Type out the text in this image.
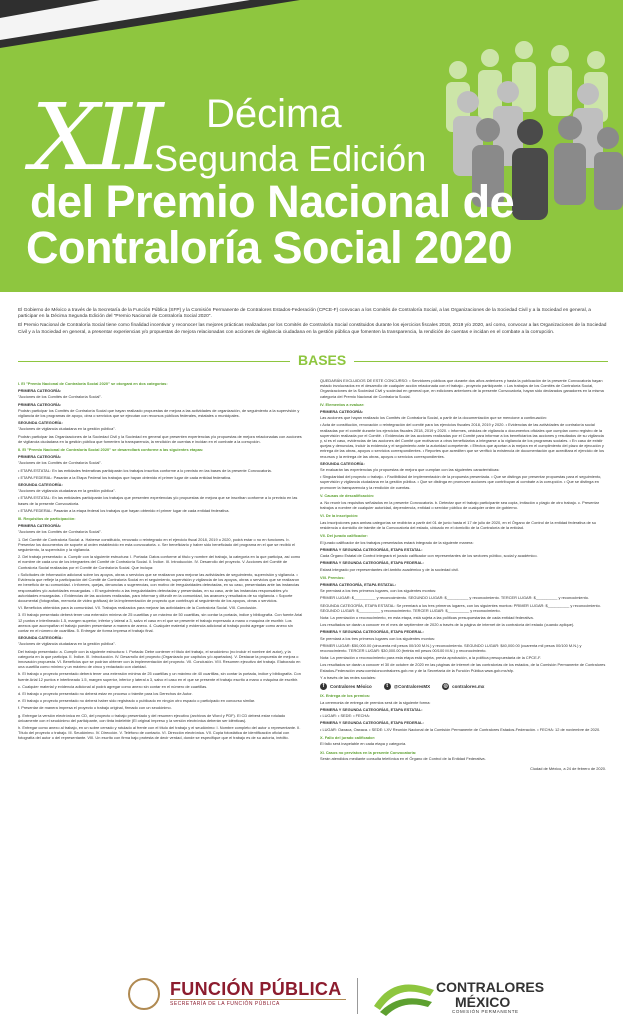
XII Décima
Segunda Edición
del Premio Nacional de
Contraloría Social 2020

El Gobierno de México a través de la Secretaría de la Función Pública (SFP) y la Comisión Permanente de Contralores Estados-Federación (CPCE-F) convocan a los Comités de Contraloría Social, a las Organizaciones de la Sociedad Civil y a la Sociedad en general, a participar en la Décima Segunda Edición del "Premio Nacional de Contraloría Social 2020".

El Premio Nacional de Contraloría Social tiene como finalidad incentivar y reconocer las mejores prácticas realizadas por los Comités de Contraloría Social constituidos durante los ejercicios fiscales 2018, 2019 y/o 2020, así como, convocar a las Organizaciones de la Sociedad Civil y a la Sociedad en general, a presentar experiencias y/o propuestas de mejora relacionadas con acciones de vigilancia ciudadana en la gestión pública que fomenten la transparencia, la rendición de cuentas e incidan en el combate a la corrupción.

BASES
I. El "Premio Nacional de Contraloría Social 2020" se otorgará en dos categorías:
PRIMERA CATEGORÍA:
"Acciones de los Comités de Contraloría Social".
PRIMERA CATEGORÍA:
Podrán participar los Comités de Contraloría Social que hayan realizado propuestas de mejora a las actividades de organización, de seguimiento a la supervisión y vigilancia de los programas de apoyo, obra o servicios que se ejecutan con recursos públicos federales, estatales o municipales.
SEGUNDA CATEGORÍA:
"Acciones de vigilancia ciudadana en la gestión pública".
Podrán participar las Organizaciones de la Sociedad Civil y la Sociedad en general que presenten experiencias y/o propuestas de mejora relacionadas con acciones de vigilancia ciudadana en la gestión pública que fomenten la transparencia, la rendición de cuentas e incidan en el combate a la corrupción.
II. El "Premio Nacional de Contraloría Social 2020" se desarrollará conforme a las siguientes etapas:
PRIMERA CATEGORÍA:
"Acciones de los Comités de Contraloría Social".
• ETAPA ESTATAL: En las entidades federativas participarán los trabajos inscritos conforme a lo previsto en las bases de la presente Convocatoria.
• ETAPA FEDERAL: Pasarán a la Etapa Federal los trabajos que hayan obtenido el primer lugar de cada entidad federativa.
SEGUNDA CATEGORÍA:
"Acciones de vigilancia ciudadana en la gestión pública".
• ETAPA ESTATAL: En las entidades participarán los trabajos que presenten experiencias y/o propuestas de mejora que se inscriban conforme a lo previsto en las bases de la presente Convocatoria.
• ETAPA FEDERAL: Pasarán a la etapa federal los trabajos que hayan obtenido el primer lugar de cada entidad federativa.
III. Requisitos de participación:
PRIMERA CATEGORÍA:
"Acciones de los Comités de Contraloría Social".
1. Del Comité de Contraloría Social: a. Haberse constituido, renovado o reintegrado en el ejercicio fiscal 2018, 2019 o 2020, podrá estar o no en funciones. b. Presentar los documentos de soporte al orden establecido en esta convocatoria. c. Ser beneficiario y haber sido beneficiado del programa en el que se recibió el seguimiento, la supervisión y la vigilancia.
2. Del trabajo presentado: a. Cumplir con la siguiente estructura: I. Portada: Datos conforme al título y nombre del trabajo, la categoría en la que participa, así como el nombre de cada uno de los integrantes del Comité de Contraloría Social. II. Índice. III. Introducción. IV. Desarrollo del proyecto. V. Acciones del Comité de Contraloría Social realizadas por el Comité de Contraloría Social. Que incluya:
• Solicitudes de información adicional sobre los apoyos, obras o servicios que se realizaron para mejorar las actividades de seguimiento, supervisión y vigilancia. • Evidencia que refleje la participación del Comité de Contraloría Social en el seguimiento, supervisión y vigilancia de los apoyos, obras o servicios que se realizaron en beneficio de su comunidad. • Informes, quejas, denuncias o sugerencias, con motivo de irregularidades detectadas, en su caso, presentadas ante las instancias responsables y/o autoridades encargadas. • El seguimiento a las irregularidades detectadas y presentadas, en su caso, ante las instancias responsables y/o autoridades encargadas. • Evidencias de las acciones realizadas, para informar y difundir en la comunidad, los avances y resultados de su vigilancia. • Soporte documental (fotografías, memoria de video gráficas) de la implementación de proyecto que contribuyó al seguimiento de los apoyos, obras o servicios.
VI. Beneficios obtenidos para la comunidad. VII. Trabajos realizados para mejorar las actividades de la Contraloría Social. VIII. Conclusión.
3. El trabajo presentado deberá tener una extensión mínima de 25 cuartillas y un máximo de 50 cuartillas, sin contar la portada, índice y bibliografía. Con fuente Arial 12 puntos e interlineado 1.5, margen superior, inferior y lateral a 3, salvo el caso en el que se presente el trabajo expresado a mano o maquina de escribir. Los anexos que acompañan el trabajo pueden presentarse a manera de anexo. 4. Cualquier material y evidencia adicional al trabajo podrá agregar como anexo sin contar en el número de cuartillas. 5. Entregar de forma impresa el trabajo final.
SEGUNDA CATEGORÍA:
"Acciones de vigilancia ciudadana en la gestión pública".
Del trabajo presentado: a. Cumplir con la siguiente estructura: I. Portada: Debe contener el título del trabajo, el seudónimo (no incluir el nombre del autor), y la categoría en la que participa. II. Índice. III. Introducción. IV. Desarrollo del proyecto (Organizado por capítulos y/o apartados). V. Destacar la propuesta de mejora o innovación propuesta. VI. Beneficios que se podrían obtener con la implementación del proyecto. VII. Conclusión. VIII. Resumen ejecutivo del trabajo. Elaborado en una cuartilla como mínimo y un máximo de cinco y redactado con claridad.
b. El trabajo o proyecto presentado deberá tener una extensión mínima de 25 cuartillas y un máximo de 40 cuartillas, sin contar la portada, índice y bibliografía. Con fuente Arial 12 puntos e interlineado 1.5, margen superior, inferior y lateral a 3, salvo el caso en el que se presente el trabajo escrito a mano o máquina de escribir.
c. Cualquier material y evidencia adicional al podrá agregar como anexo sin contar en el número de cuartillas.
d. El trabajo o proyecto presentado no deberá estar en proceso o trámite para los Derechos de Autor.
e. El trabajo o proyecto presentado no deberá haber sido registrado o publicado en ningún otro espacio o participado en concurso similar.
f. Presentar de manera impresa el proyecto o trabajo original, firmado con un seudónimo.
g. Entregar la versión electrónica en CD, del proyecto o trabajo presentado y del resumen ejecutivo (archivos de Word y PDF). El CD deberá estar rotulado únicamente con el seudónimo del participante, con tinta indeleble (El original impreso y la versión electrónica deberán ser idénticas).
h. Entregar como anexo al trabajo, en un sobre cerrado y rotulado al frente con el título del trabajo y el seudónimo: I. Nombre completo del autor o representante. II. Título del proyecto o trabajo. III. Seudónimo. IV. Dirección. V. Teléfono de contacto. VI. Dirección electrónica. VII. Copia fotostática de identificación oficial con fotografía del autor o del representante. VIII. Un escrito con firma bajo protesta de decir verdad, donde se especifique que el trabajo es de su autoría, inédito.
QUEDARÁN EXCLUIDOS DE ESTE CONCURSO: • Servidores públicos que durante dos años anteriores y hasta la publicación de la presente Convocatoria hayan estado involucrados en el desarrollo de cualquier acción relacionada con el trabajo - proyecto participante. • Los trabajos de los Comités de Contraloría Social, Organizaciones de la Sociedad Civil y sociedad en general que, en ediciones anteriores de la presente Convocatoria, hayan sido declarados ganadores en la misma categoría del Premio Nacional de Contraloría Social.
IV. Elementos a evaluar:
PRIMERA CATEGORÍA:
Las acciones que hayan realizado los Comités de Contraloría Social, a partir de la documentación que se mencione a continuación:
• Acta de constitución, renovación o reintegración del comité para los ejercicios fiscales 2018, 2019 y 2020. • Evidencias de las actividades de contraloría social realizadas por el comité durante los ejercicios fiscales 2018, 2019 y 2020. • Informes, cédulas de vigilancia o documentos oficiales que cumplan como registro de la supervisión realizada por el Comité. • Evidencias de las acciones realizadas por el Comité para informar a los beneficiarios las acciones y resultados de su vigilancia y, si es el caso, evidencias de las acciones del Comité que motivaron a otros beneficiarios a integrarse a la vigilancia de los programas sociales. • En caso de existir quejas y denuncias, incluir la evidencia y el seguimiento ante la autoridad competente. • Efectos que aportan a la mejora en el cumplimiento del plazo de ejecución y entrega de las obras, apoyos o servicios correspondientes. • Reportes que acrediten que se verificó la existencia de documentación que acreditara el ejercicio de los recursos y la entrega de las obras, apoyos o servicios correspondientes.
SEGUNDA CATEGORÍA:
Se evaluarán las experiencias y/o propuestas de mejora que cumplan con las siguientes características:
• Singularidad del proyecto o trabajo. • Factibilidad de implementación de la propuesta presentada. • Que se distinga por presentar propuestas para el seguimiento, supervisión y vigilancia ciudadana en la gestión pública. • Que se distinga en promover acciones que contribuyan al combate a la corrupción. • Que se distinga en promover la transparencia y la rendición de cuentas.
V. Causas de descalificación:
a. No reunir los requisitos señalados en la presente Convocatoria. b. Detectar que el trabajo participante sea copia, imitación o plagio de otro trabajo. c. Presentar trabajos a nombre de cualquier autoridad, dependencia, entidad o servidor público de cualquier orden de gobierno.
VI. De la inscripción:
Las inscripciones para ambas categorías se recibirán a partir del 01 de junio hasta el 17 de julio de 2020, en el Órgano de Control de la entidad federativa de su residencia o domicilio de trámite de la Convocatoria del estado, ubicado en el domicilio de la Contraloría de la entidad.
VII. Del jurado calificador:
El jurado calificador de los trabajos presentados estará integrado de la siguiente manera:
PRIMERA Y SEGUNDA CATEGORÍAS, ETAPA ESTATAL:
Cada Órgano Estatal de Control integrará el jurado calificador con representantes de los sectores público, social y académico.
PRIMERA Y SEGUNDA CATEGORÍAS, ETAPA FEDERAL:
Estará integrado por representantes del ámbito académico y de la sociedad civil.
VIII. Premios:
PRIMERA CATEGORÍA, ETAPA ESTATAL:
Se premiará a los tres primeros lugares, con los siguientes montos:
PRIMER LUGAR: $__________ y reconocimiento. SEGUNDO LUGAR: $__________ y reconocimiento. TERCER LUGAR: $__________ y reconocimiento.
SEGUNDA CATEGORÍA, ETAPA ESTATAL: Se premiará a los tres primeros lugares, con los siguientes montos: PRIMER LUGAR: $__________ y reconocimiento. SEGUNDO LUGAR: $__________ y reconocimiento. TERCER LUGAR: $__________ y reconocimiento.
Nota: La premiación o reconocimiento, en esta etapa, está sujeta a las políticas presupuestarias de cada entidad federativa.
Los resultados se darán a conocer en el mes de septiembre de 2020 a través de la página de internet de la contraloría del estado (cuando aplique).
PRIMERA Y SEGUNDA CATEGORÍAS, ETAPA FEDERAL:
Se premiará a los tres primeros lugares con los siguientes montos:
PRIMER LUGAR: $50,000.00 (cincuenta mil pesos 00/100 M.N.) y reconocimiento. SEGUNDO LUGAR: $40,000.00 (cuarenta mil pesos 00/100 M.N.) y reconocimiento. TERCER LUGAR: $30,000.00 (treinta mil pesos 00/100 M.N.) y reconocimiento.
Nota: La premiación o reconocimiento para esta etapa está sujeta, previa aprobación, a la política presupuestaria de la CPCE-F.
Los resultados se darán a conocer el 30 de octubre de 2020 en las páginas de internet de las contralorías de los estados, de la Comisión Permanente de Contralores Estados-Federación www.comisioncontralores.gob.mx y de la Secretaría de la Función Pública www.gob.mx/sfp.
Y a través de las redes sociales:
f	Contralores México	t	@ContraloresMX	◎ contralores.mx
IX. Entrega de los premios:
La ceremonia de entrega de premios será de la siguiente forma:
PRIMERA Y SEGUNDA CATEGORÍAS, ETAPA ESTATAL:
• LUGAR: • SEDE: • FECHA:
PRIMERA Y SEGUNDA CATEGORÍAS, ETAPA FEDERAL:
• LUGAR: Oaxaca, Oaxaca. • SEDE: LXV Reunión Nacional de la Comisión Permanente de Contralores Estados-Federación. • FECHA: 12 de noviembre de 2020.
X. Fallo del jurado calificador:
El fallo será inapelable en cada etapa y categoría.
XI. Casos no previstos en la presente Convocatoria:
Serán atendidos mediante consulta telefónica en el Órgano de Control de la Entidad Federativa.
Ciudad de México, a 24 de febrero de 2020.
FUNCIÓN PÚBLICA
SECRETARÍA DE LA FUNCIÓN PÚBLICA
CONTRALORES
MÉXICO
COMISIÓN PERMANENTE
